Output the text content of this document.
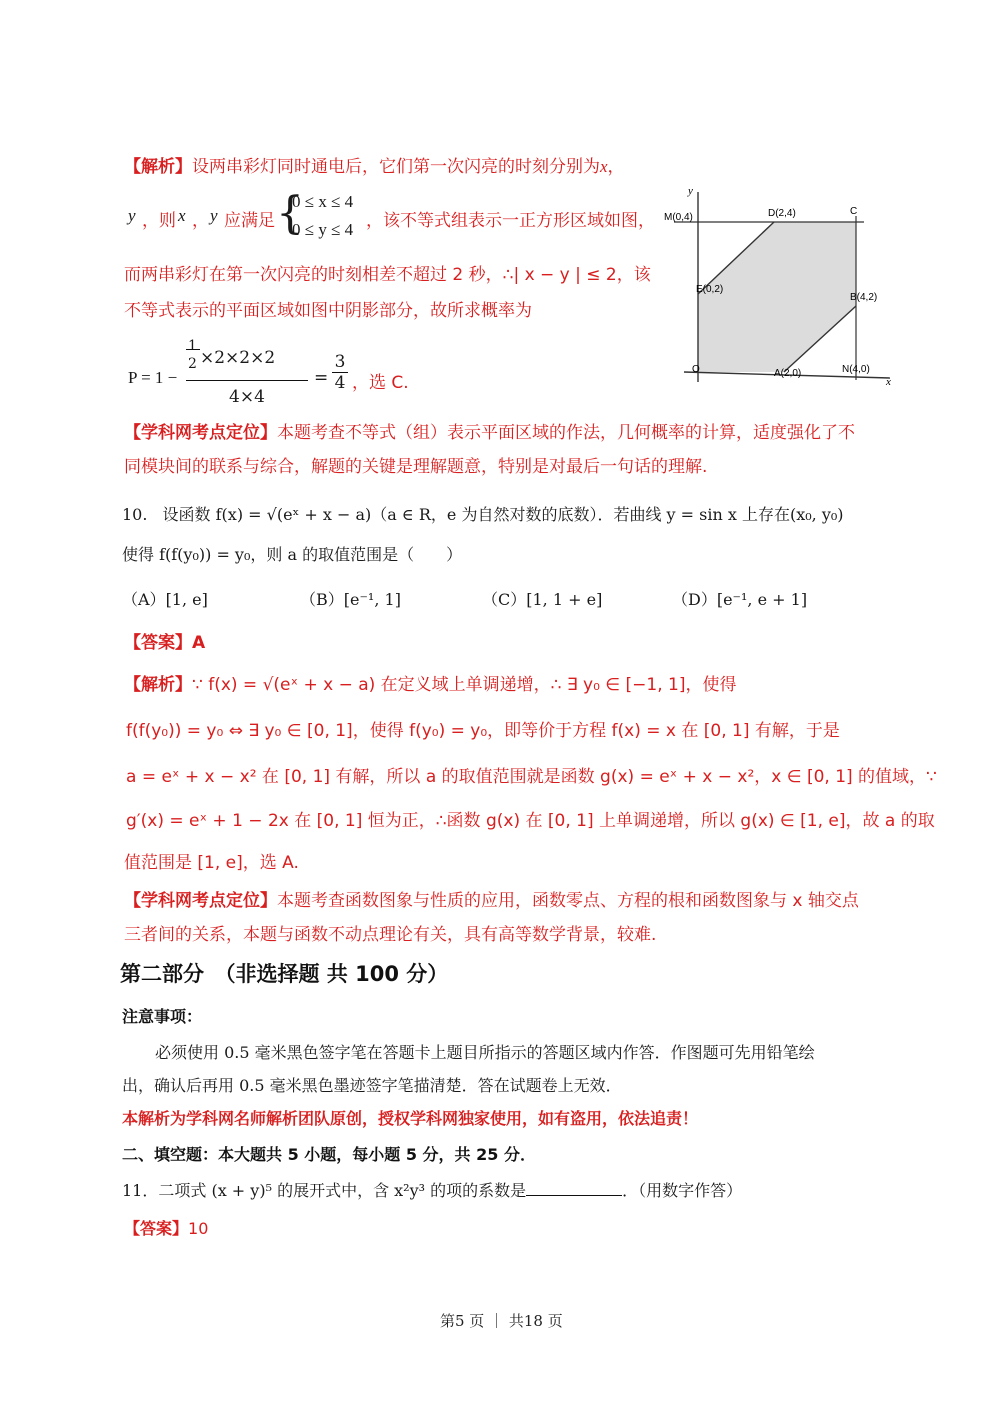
【解析】设两串彩灯同时通电后，它们第一次闪亮的时刻分别为x，
y ，则 x ， y 应满足 {
0 ≤ x ≤ 4
0 ≤ y ≤ 4 ，该不等式组表示一正方形区域如图，
而两串彩灯在第一次闪亮的时刻相差不超过 2 秒，∴| x − y | ≤ 2，该
不等式表示的平面区域如图中阴影部分，故所求概率为
P = 1 −
1
2 ×2×2×2
4×4
= $\frac{3}{4}$ ，选 C.
y
x
M(0,4)	D(2,4)	C
E(0,2)
B(4,2)
O	A(2,0)	N(4,0)
【学科网考点定位】本题考查不等式（组）表示平面区域的作法，几何概率的计算，适度强化了不
同模块间的联系与综合，解题的关键是理解题意，特别是对最后一句话的理解.
10. 设函数 f(x) = √(eˣ + x − a)（a ∈ R，e 为自然对数的底数）．若曲线 y = sin x 上存在(x₀, y₀)
使得 f(f(y₀)) = y₀，则 a 的取值范围是（　　）
（A）[1, e]	（B）[e⁻¹, 1]	（C）[1, 1 + e]	（D）[e⁻¹, e + 1]
【答案】A
【解析】∵ f(x) = √(eˣ + x − a) 在定义域上单调递增，∴ ∃ y₀ ∈ [−1, 1]，使得
f(f(y₀)) = y₀ ⇔ ∃ y₀ ∈ [0, 1]，使得 f(y₀) = y₀，即等价于方程 f(x) = x 在 [0, 1] 有解，于是
a = eˣ + x − x² 在 [0, 1] 有解，所以 a 的取值范围就是函数 g(x) = eˣ + x − x²，x ∈ [0, 1] 的值域，∵
g′(x) = eˣ + 1 − 2x 在 [0, 1] 恒为正，∴函数 g(x) 在 [0, 1] 上单调递增，所以 g(x) ∈ [1, e]，故 a 的取
值范围是 [1, e]，选 A.
【学科网考点定位】本题考查函数图象与性质的应用，函数零点、方程的根和函数图象与 x 轴交点
三者间的关系，本题与函数不动点理论有关，具有高等数学背景，较难.
第二部分　（非选择题 共 100 分）
注意事项：
必须使用 0.5 毫米黑色签字笔在答题卡上题目所指示的答题区域内作答．作图题可先用铅笔绘
出，确认后再用 0.5 毫米黑色墨迹签字笔描清楚．答在试题卷上无效．
本解析为学科网名师解析团队原创，授权学科网独家使用，如有盗用，依法追责！
二、填空题：本大题共 5 小题，每小题 5 分，共 25 分．
11．二项式 (x + y)⁵ 的展开式中，含 x²y³ 的项的系数是	．（用数字作答）
【答案】10
第5 页 ｜ 共18 页
